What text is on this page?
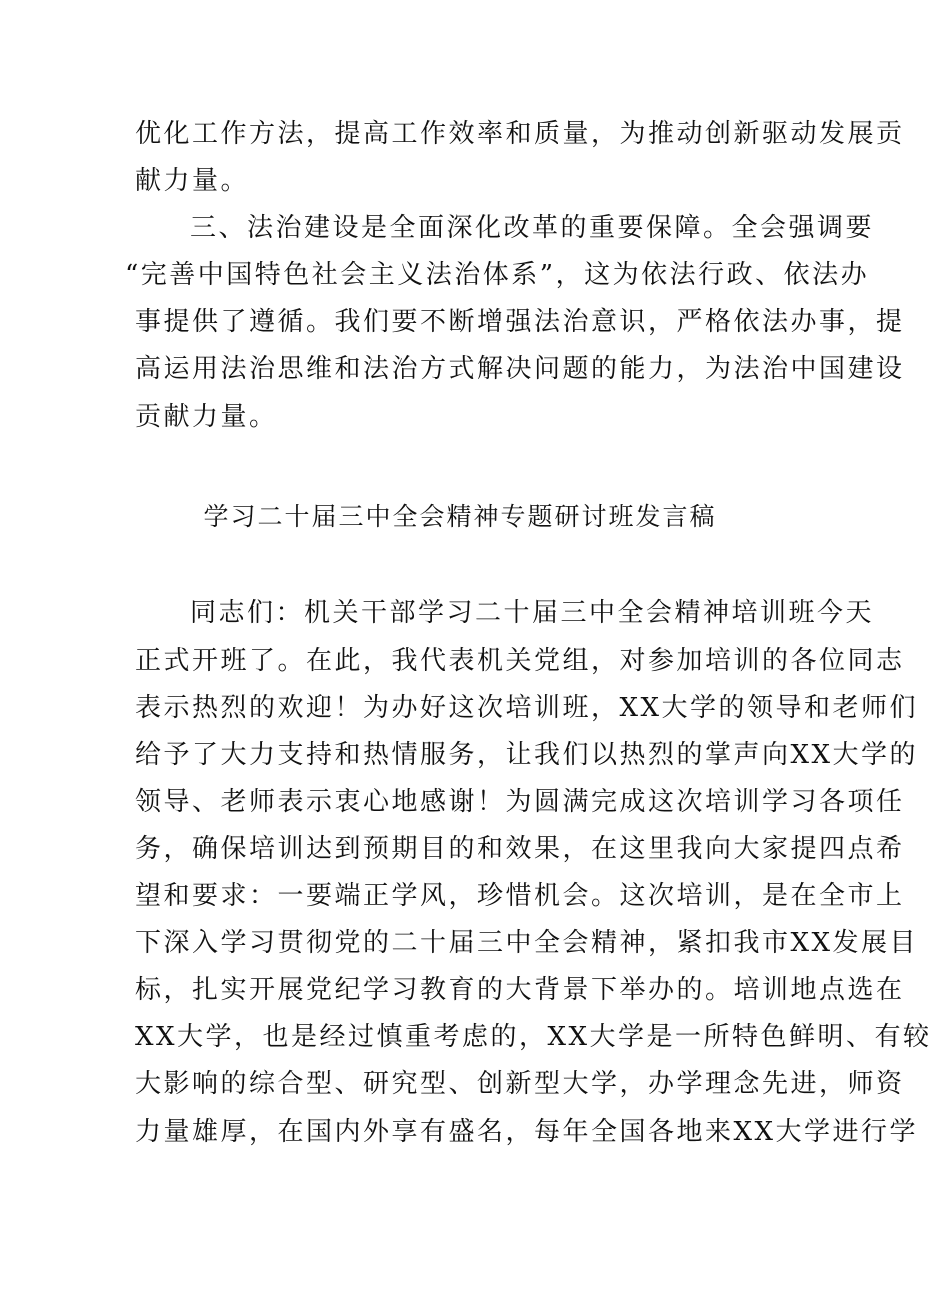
优化工作方法，提高工作效率和质量，为推动创新驱动发展贡
献力量。
三、法治建设是全面深化改革的重要保障。全会强调要
“完善中国特色社会主义法治体系”，这为依法行政、依法办
事提供了遵循。我们要不断增强法治意识，严格依法办事，提
高运用法治思维和法治方式解决问题的能力，为法治中国建设
贡献力量。
学习二十届三中全会精神专题研讨班发言稿
同志们：机关干部学习二十届三中全会精神培训班今天
正式开班了。在此，我代表机关党组，对参加培训的各位同志
表示热烈的欢迎！为办好这次培训班，XX大学的领导和老师们
给予了大力支持和热情服务，让我们以热烈的掌声向XX大学的
领导、老师表示衷心地感谢！为圆满完成这次培训学习各项任
务，确保培训达到预期目的和效果，在这里我向大家提四点希
望和要求：一要端正学风，珍惜机会。这次培训，是在全市上
下深入学习贯彻党的二十届三中全会精神，紧扣我市XX发展目
标，扎实开展党纪学习教育的大背景下举办的。培训地点选在
XX大学，也是经过慎重考虑的，XX大学是一所特色鲜明、有较
大影响的综合型、研究型、创新型大学，办学理念先进，师资
力量雄厚，在国内外享有盛名，每年全国各地来XX大学进行学
